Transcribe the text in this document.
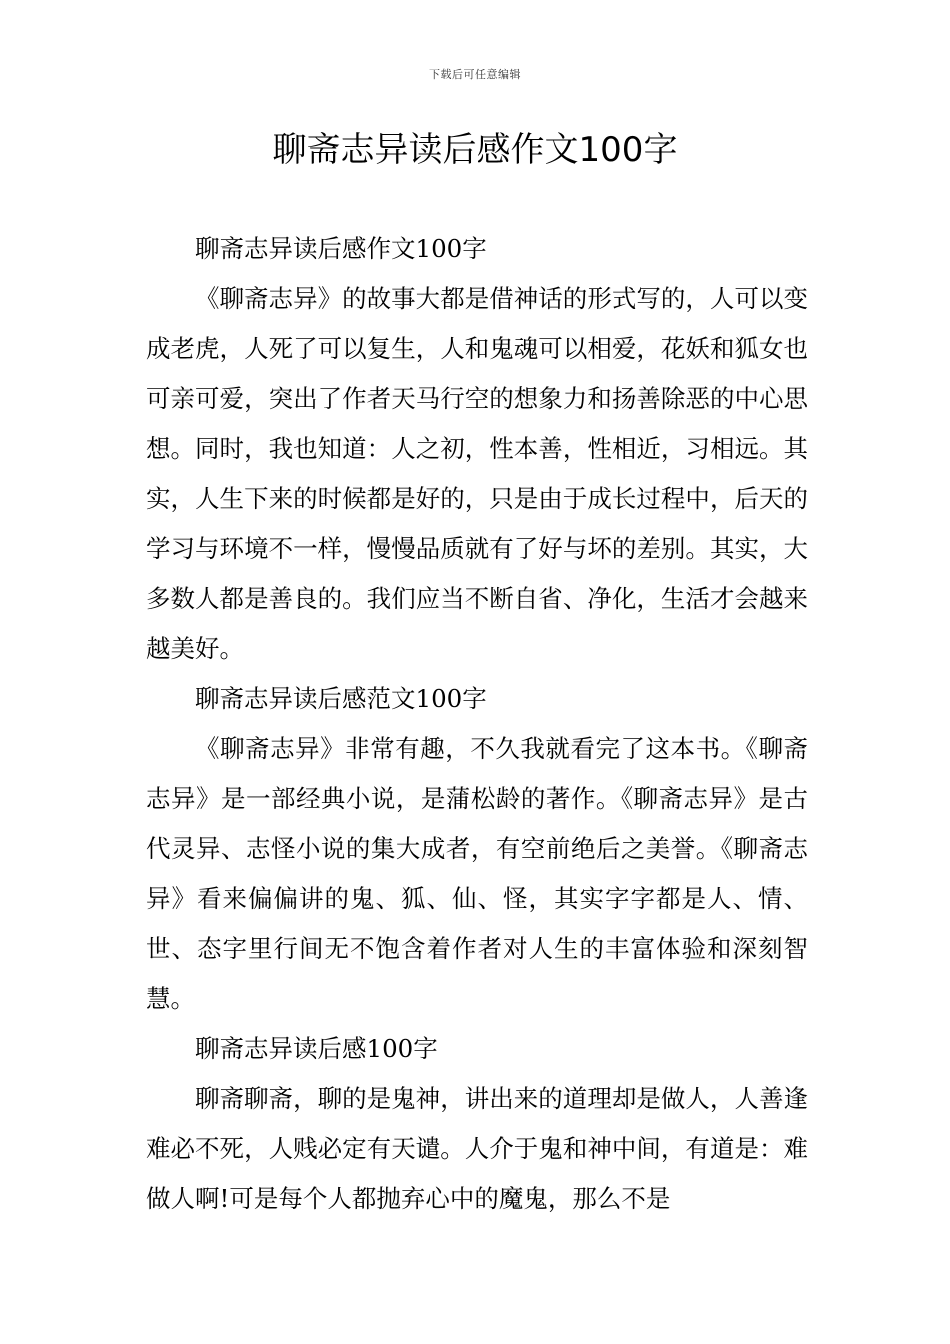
下载后可任意编辑
聊斋志异读后感作文100字

聊斋志异读后感作文100字

《聊斋志异》的故事大都是借神话的形式写的，人可以变成老虎，人死了可以复生，人和鬼魂可以相爱，花妖和狐女也可亲可爱，突出了作者天马行空的想象力和扬善除恶的中心思想。同时，我也知道：人之初，性本善，性相近，习相远。其实，人生下来的时候都是好的，只是由于成长过程中，后天的学习与环境不一样，慢慢品质就有了好与坏的差别。其实，大多数人都是善良的。我们应当不断自省、净化，生活才会越来越美好。

聊斋志异读后感范文100字

《聊斋志异》非常有趣，不久我就看完了这本书。《聊斋志异》是一部经典小说，是蒲松龄的著作。《聊斋志异》是古代灵异、志怪小说的集大成者，有空前绝后之美誉。《聊斋志异》看来偏偏讲的鬼、狐、仙、怪，其实字字都是人、情、世、态字里行间无不饱含着作者对人生的丰富体验和深刻智慧。

聊斋志异读后感100字

聊斋聊斋，聊的是鬼神，讲出来的道理却是做人，人善逢难必不死，人贱必定有天谴。人介于鬼和神中间，有道是：难做人啊!可是每个人都抛弃心中的魔鬼，那么不是
